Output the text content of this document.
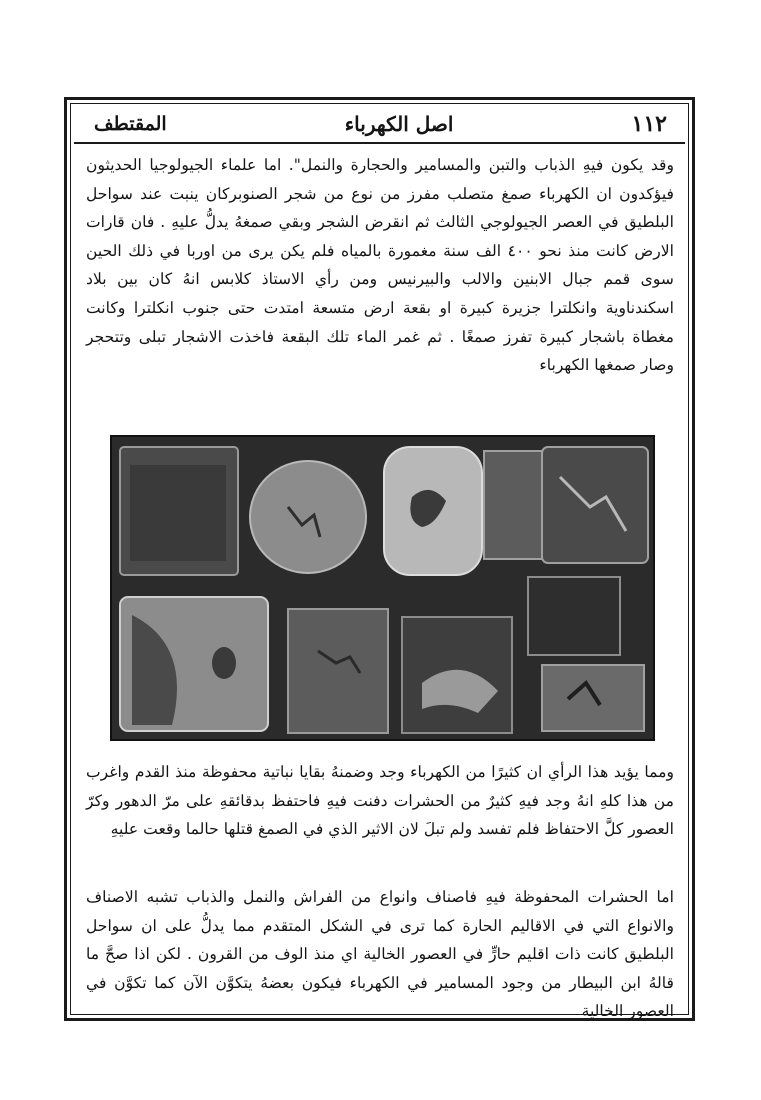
١١٢
اصل الكهرباء
المقتطف

وقد يكون فيهِ الذباب والتبن والمسامير والحجارة والنمل". اما علماء الجيولوجيا الحديثون فيؤكدون ان الكهرباء صمغ متصلب مفرز من نوع من شجر الصنوبركان ينبت عند سواحل البلطيق في العصر الجيولوجي الثالث ثم انقرض الشجر وبقي صمغهُ يدلُّ عليهِ . فان قارات الارض كانت منذ نحو ٤٠٠ الف سنة مغمورة بالمياه فلم يكن يرى من اوربا في ذلك الحين سوى قمم جبال الابنين والالب والبيرنيس ومن رأي الاستاذ كلابس انهُ كان بين بلاد اسكندناوية وانكلترا جزيرة كبيرة او بقعة ارض متسعة امتدت حتى جنوب انكلترا وكانت مغطاة باشجار كبيرة تفرز صمغًا . ثم غمر الماء تلك البقعة فاخذت الاشجار تبلى وتتحجر وصار صمغها الكهرباء

ومما يؤيد هذا الرأي ان كثيرًا من الكهرباء وجد وضمنهُ بقايا نباتية محفوظة منذ القدم واغرب من هذا كلهِ انهُ وجد فيهِ كثيرٌ من الحشرات دفنت فيهِ فاحتفظ بدقائقهِ على مرّ الدهور وكرّ العصور كلَّ الاحتفاظ فلم تفسد ولم تبلَ لان الاثير الذي في الصمغ قتلها حالما وقعت عليهِ

اما الحشرات المحفوظة فيهِ فاصناف وانواع من الفراش والنمل والذباب تشبه الاصناف والانواع التي في الاقاليم الحارة كما ترى في الشكل المتقدم مما يدلُّ على ان سواحل البلطيق كانت ذات اقليم حارٍّ في العصور الخالية اي منذ الوف من القرون . لكن اذا صحَّ ما قالهُ ابن البيطار من وجود المسامير في الكهرباء فيكون بعضهُ يتكوَّن الآن كما تكوَّن في العصور الخالية
